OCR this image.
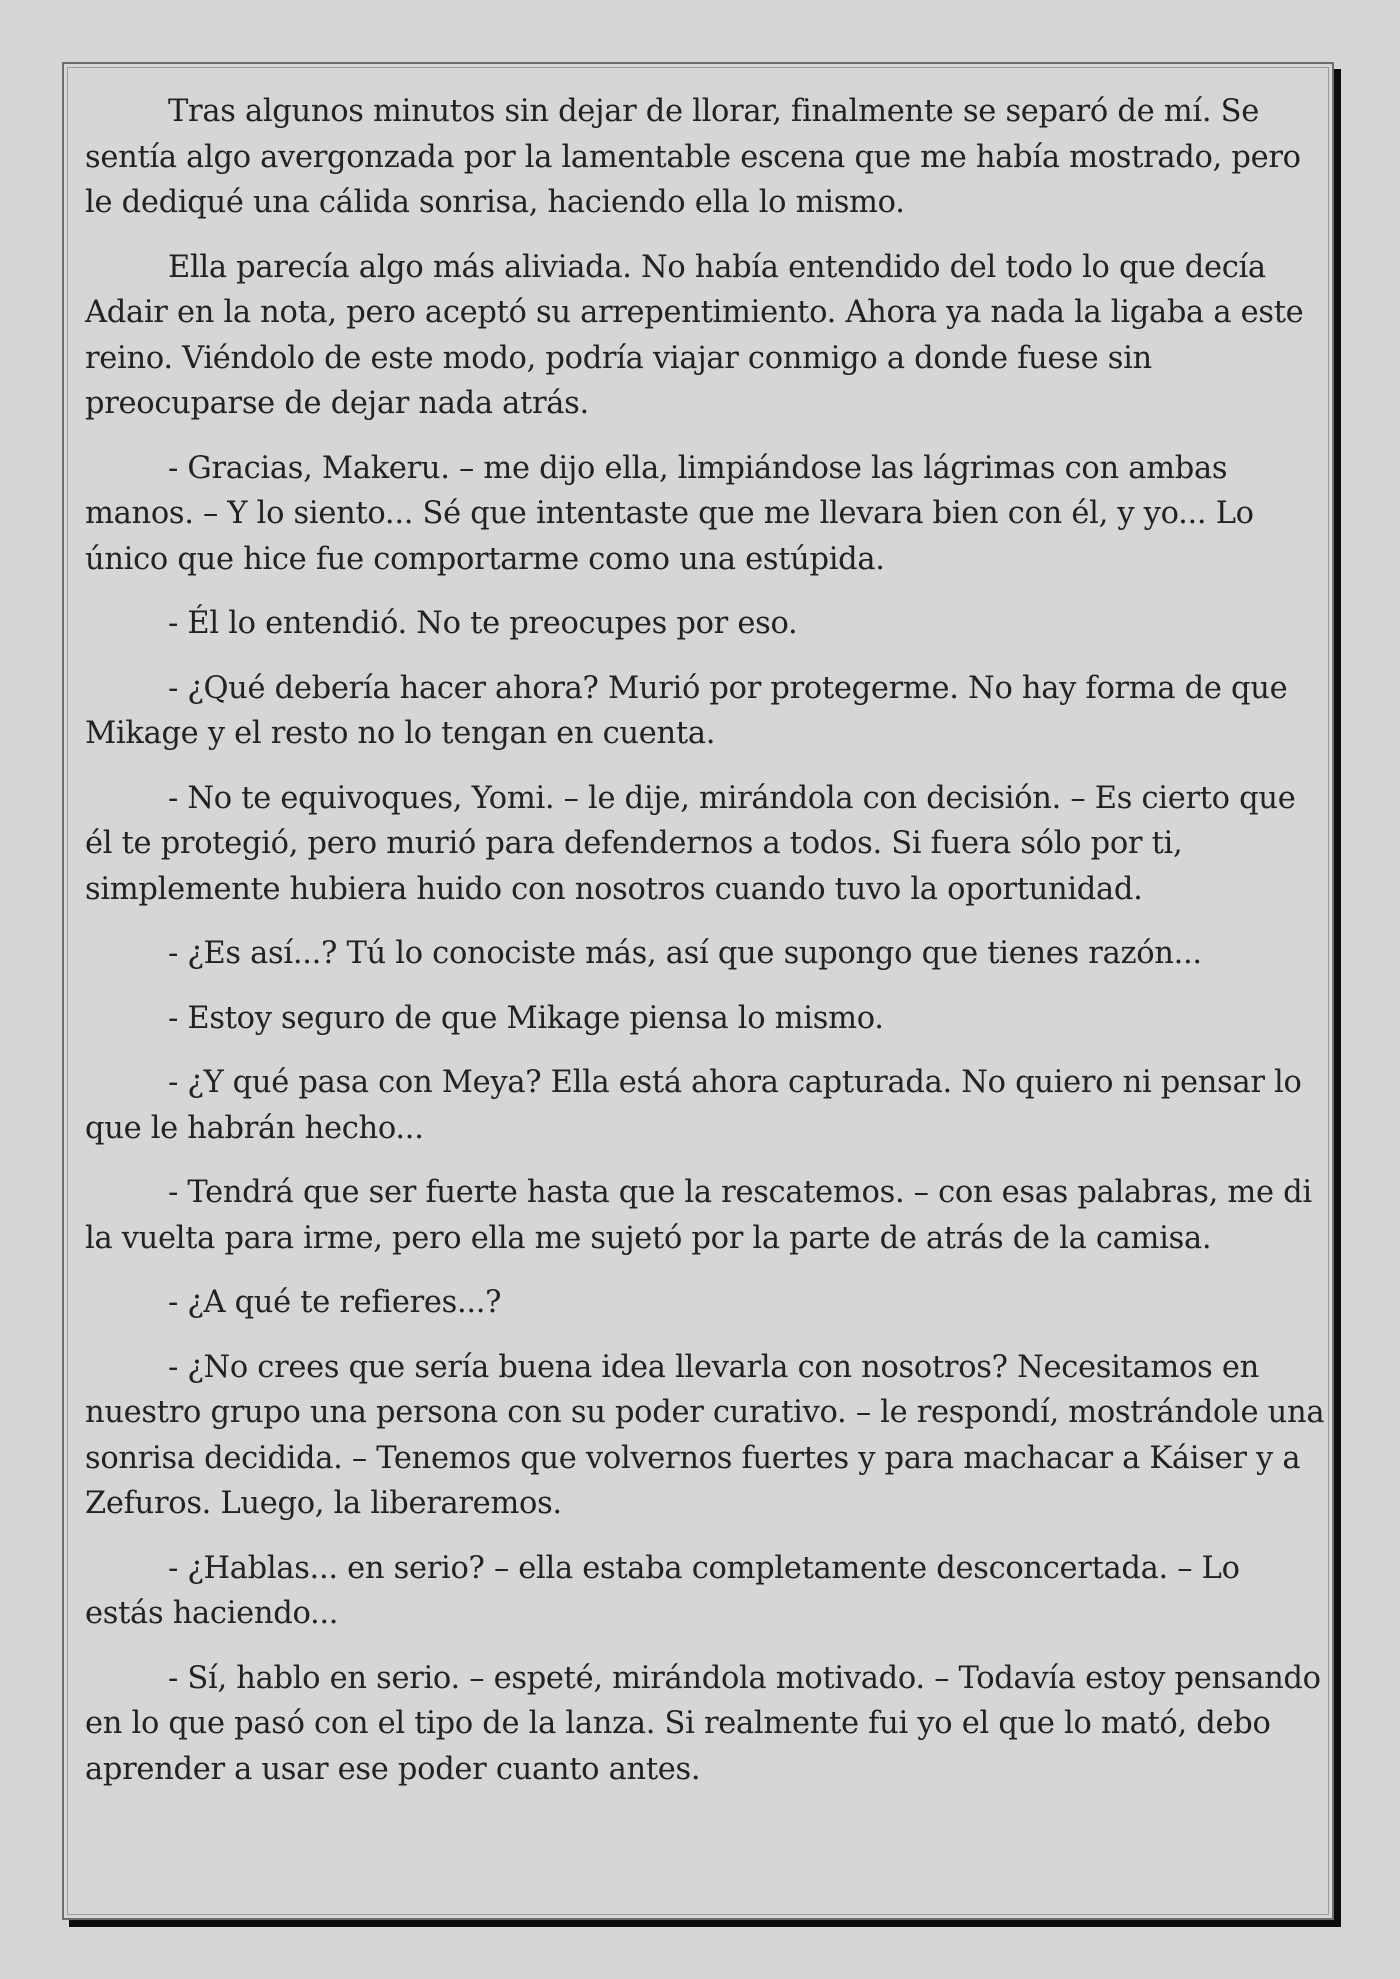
Tras algunos minutos sin dejar de llorar, finalmente se separó de mí. Se sentía algo avergonzada por la lamentable escena que me había mostrado, pero le dediqué una cálida sonrisa, haciendo ella lo mismo.

Ella parecía algo más aliviada. No había entendido del todo lo que decía Adair en la nota, pero aceptó su arrepentimiento. Ahora ya nada la ligaba a este reino. Viéndolo de este modo, podría viajar conmigo a donde fuese sin preocuparse de dejar nada atrás.

- Gracias, Makeru. – me dijo ella, limpiándose las lágrimas con ambas manos. – Y lo siento... Sé que intentaste que me llevara bien con él, y yo... Lo único que hice fue comportarme como una estúpida.

- Él lo entendió. No te preocupes por eso.

- ¿Qué debería hacer ahora? Murió por protegerme. No hay forma de que Mikage y el resto no lo tengan en cuenta.

- No te equivoques, Yomi. – le dije, mirándola con decisión. – Es cierto que él te protegió, pero murió para defendernos a todos. Si fuera sólo por ti, simplemente hubiera huido con nosotros cuando tuvo la oportunidad.

- ¿Es así...? Tú lo conociste más, así que supongo que tienes razón...

- Estoy seguro de que Mikage piensa lo mismo.

- ¿Y qué pasa con Meya? Ella está ahora capturada. No quiero ni pensar lo que le habrán hecho...

- Tendrá que ser fuerte hasta que la rescatemos. – con esas palabras, me di la vuelta para irme, pero ella me sujetó por la parte de atrás de la camisa.

- ¿A qué te refieres...?

- ¿No crees que sería buena idea llevarla con nosotros? Necesitamos en nuestro grupo una persona con su poder curativo. – le respondí, mostrándole una sonrisa decidida. – Tenemos que volvernos fuertes y para machacar a Káiser y a Zefuros. Luego, la liberaremos.

- ¿Hablas... en serio? – ella estaba completamente desconcertada. – Lo estás haciendo...

- Sí, hablo en serio. – espeté, mirándola motivado. – Todavía estoy pensando en lo que pasó con el tipo de la lanza. Si realmente fui yo el que lo mató, debo aprender a usar ese poder cuanto antes.
